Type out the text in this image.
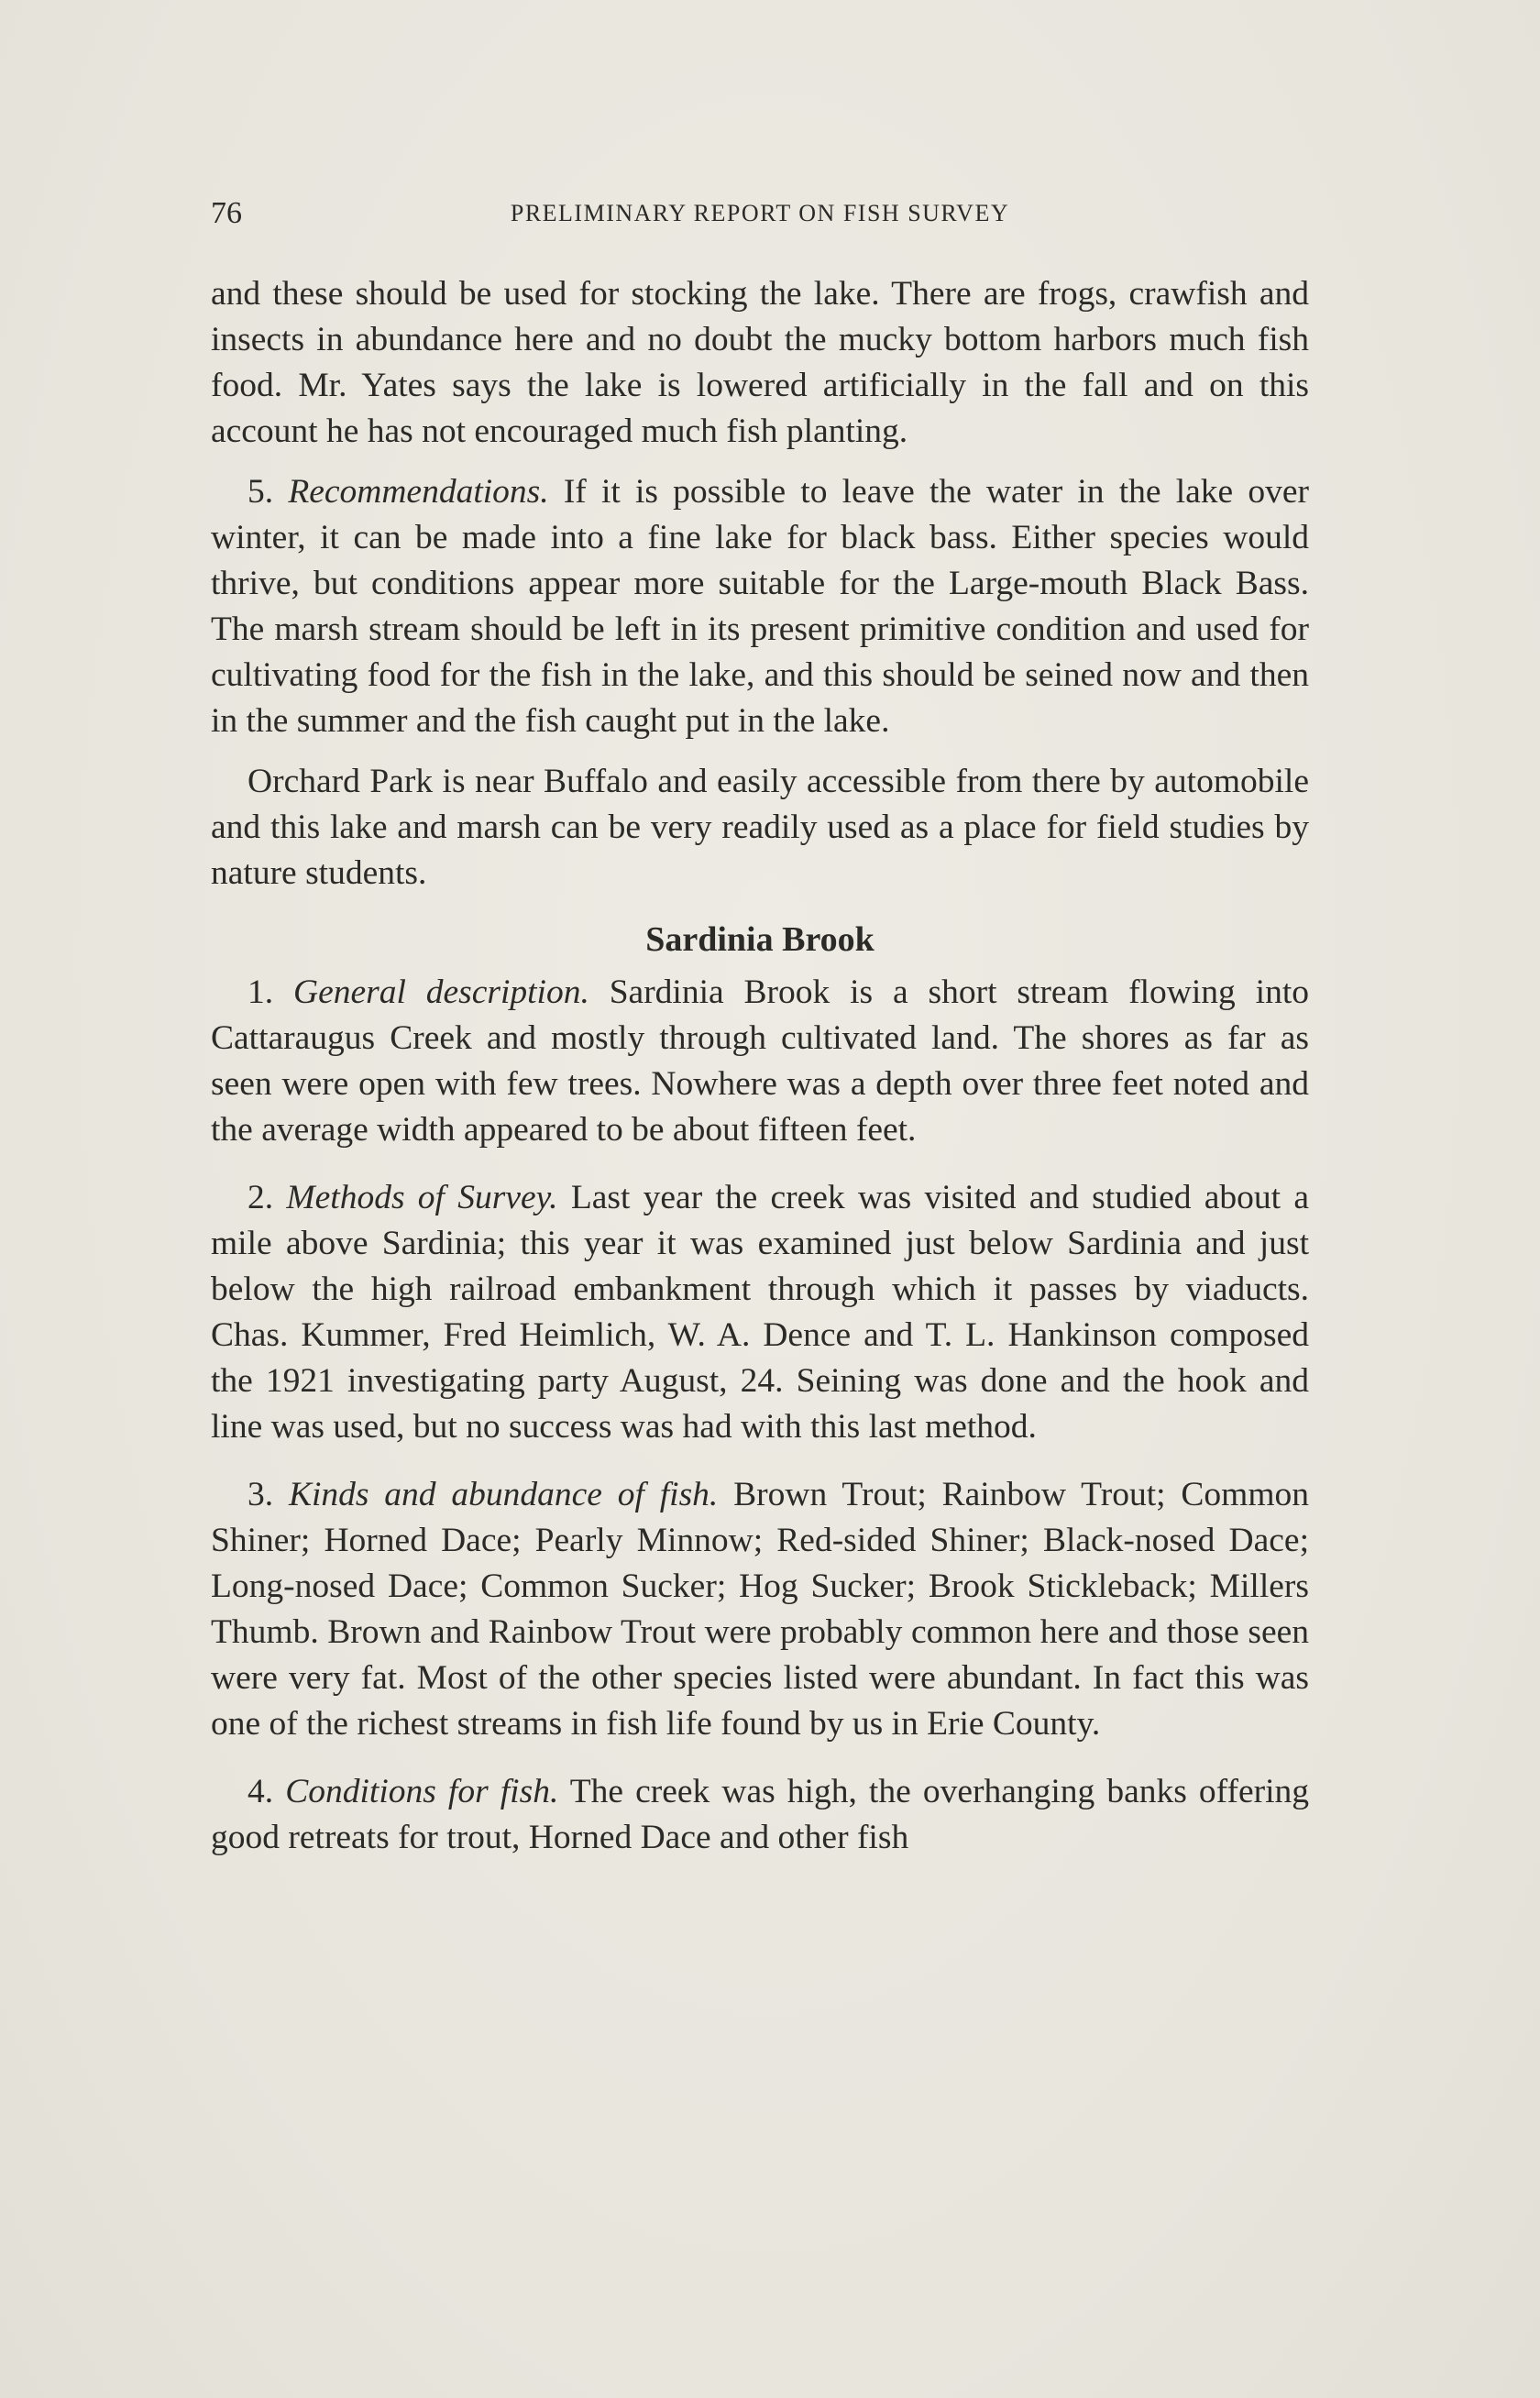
76	PRELIMINARY REPORT ON FISH SURVEY

and these should be used for stocking the lake. There are frogs, crawfish and insects in abundance here and no doubt the mucky bottom harbors much fish food. Mr. Yates says the lake is lowered artificially in the fall and on this account he has not encouraged much fish planting.

5. Recommendations. If it is possible to leave the water in the lake over winter, it can be made into a fine lake for black bass. Either species would thrive, but conditions appear more suitable for the Large-mouth Black Bass. The marsh stream should be left in its present primitive condition and used for cultivating food for the fish in the lake, and this should be seined now and then in the summer and the fish caught put in the lake.

Orchard Park is near Buffalo and easily accessible from there by automobile and this lake and marsh can be very readily used as a place for field studies by nature students.

Sardinia Brook

1. General description. Sardinia Brook is a short stream flowing into Cattaraugus Creek and mostly through cultivated land. The shores as far as seen were open with few trees. Nowhere was a depth over three feet noted and the average width appeared to be about fifteen feet.

2. Methods of Survey. Last year the creek was visited and studied about a mile above Sardinia; this year it was examined just below Sardinia and just below the high railroad embankment through which it passes by viaducts. Chas. Kummer, Fred Heimlich, W. A. Dence and T. L. Hankinson composed the 1921 investigating party August, 24. Seining was done and the hook and line was used, but no success was had with this last method.

3. Kinds and abundance of fish. Brown Trout; Rainbow Trout; Common Shiner; Horned Dace; Pearly Minnow; Red-sided Shiner; Black-nosed Dace; Long-nosed Dace; Common Sucker; Hog Sucker; Brook Stickleback; Millers Thumb. Brown and Rainbow Trout were probably common here and those seen were very fat. Most of the other species listed were abundant. In fact this was one of the richest streams in fish life found by us in Erie County.

4. Conditions for fish. The creek was high, the overhanging banks offering good retreats for trout, Horned Dace and other fish
